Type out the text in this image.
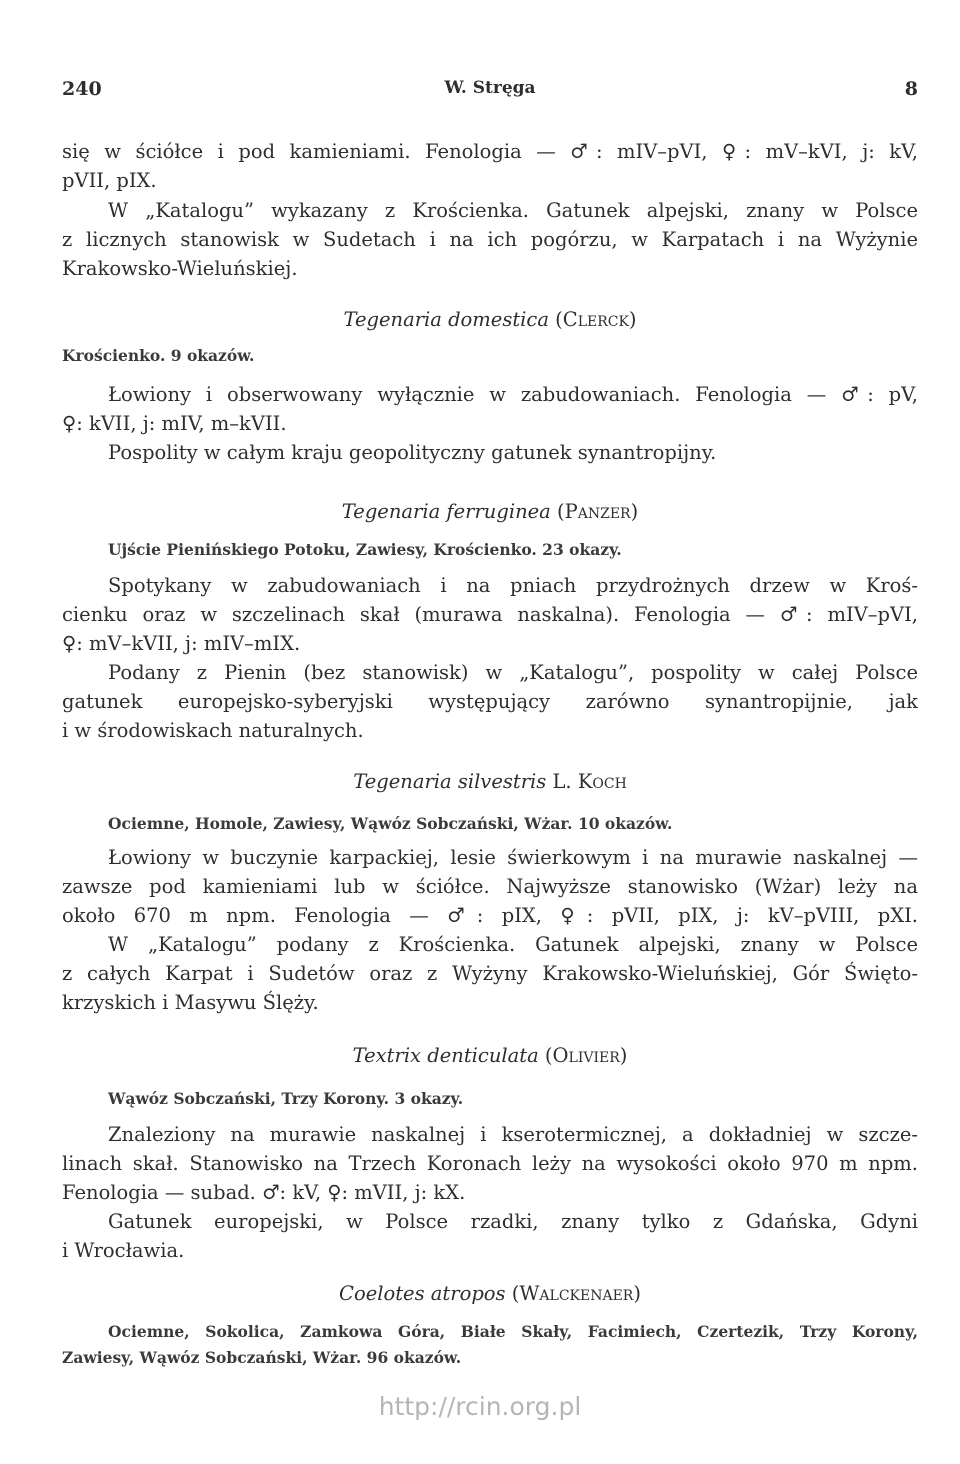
240	W. Stręga	8

się w ściółce i pod kamieniami. Fenologia — ♂: mIV–pVI, ♀: mV–kVI, j: kV,
pVII, pIX.

W „Katalogu” wykazany z Krościenka. Gatunek alpejski, znany w Polsce
z licznych stanowisk w Sudetach i na ich pogórzu, w Karpatach i na Wyżynie
Krakowsko-Wieluńskiej.

Tegenaria domestica (Clerck)

Krościenko. 9 okazów.

Łowiony i obserwowany wyłącznie w zabudowaniach. Fenologia — ♂: pV,
♀: kVII, j: mIV, m–kVII.
Pospolity w całym kraju geopolityczny gatunek synantropijny.

Tegenaria ferruginea (Panzer)

Ujście Pienińskiego Potoku, Zawiesy, Krościenko. 23 okazy.

Spotykany w zabudowaniach i na pniach przydrożnych drzew w Kroś-
cienku oraz w szczelinach skał (murawa naskalna). Fenologia — ♂: mIV–pVI,
♀: mV–kVII, j: mIV–mIX.
Podany z Pienin (bez stanowisk) w „Katalogu”, pospolity w całej Polsce
gatunek europejsko-syberyjski występujący zarówno synantropijnie, jak
i w środowiskach naturalnych.

Tegenaria silvestris L. Koch

Ociemne, Homole, Zawiesy, Wąwóz Sobczański, Wżar. 10 okazów.

Łowiony w buczynie karpackiej, lesie świerkowym i na murawie naskalnej —
zawsze pod kamieniami lub w ściółce. Najwyższe stanowisko (Wżar) leży na
około 670 m npm. Fenologia — ♂: pIX, ♀: pVII, pIX, j: kV–pVIII, pXI.
W „Katalogu” podany z Krościenka. Gatunek alpejski, znany w Polsce
z całych Karpat i Sudetów oraz z Wyżyny Krakowsko-Wieluńskiej, Gór Święto-
krzyskich i Masywu Ślęży.

Textrix denticulata (Olivier)

Wąwóz Sobczański, Trzy Korony. 3 okazy.

Znaleziony na murawie naskalnej i kserotermicznej, a dokładniej w szcze-
linach skał. Stanowisko na Trzech Koronach leży na wysokości około 970 m npm.
Fenologia — subad. ♂: kV, ♀: mVII, j: kX.
Gatunek europejski, w Polsce rzadki, znany tylko z Gdańska, Gdyni
i Wrocławia.

Coelotes atropos (Walckenaer)

Ociemne, Sokolica, Zamkowa Góra, Białe Skały, Facimiech, Czertezik, Trzy Korony,

Zawiesy, Wąwóz Sobczański, Wżar. 96 okazów.

http://rcin.org.pl
